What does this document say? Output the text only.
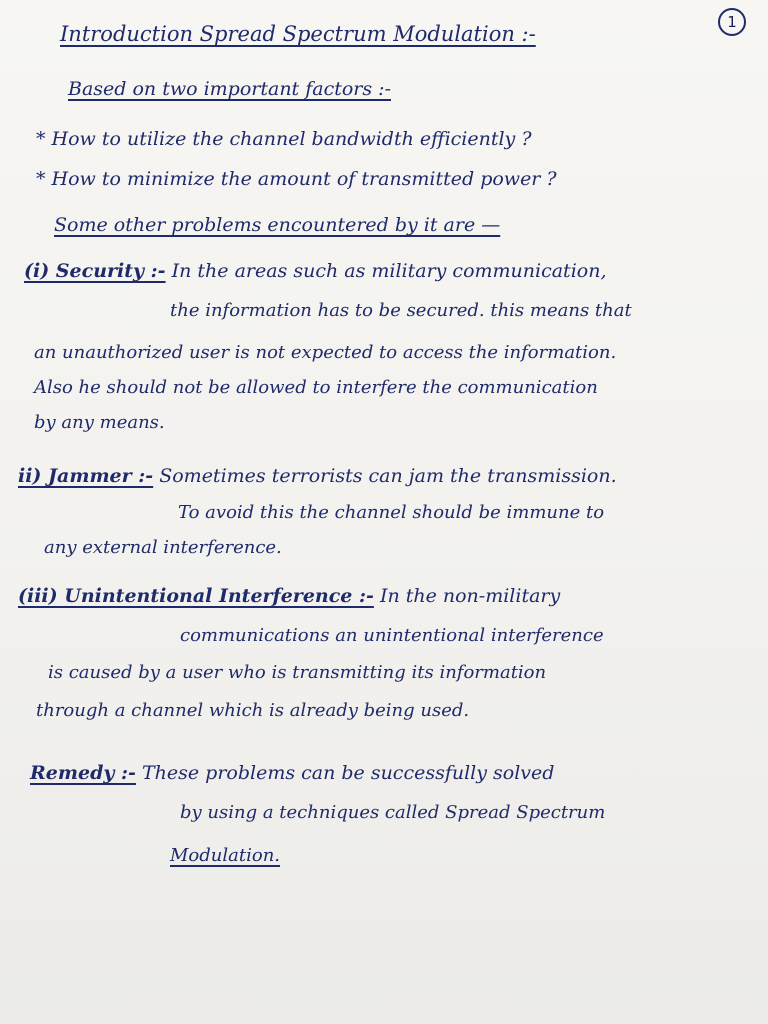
1
Introduction Spread Spectrum Modulation :-
Based on two important factors :-
* How to utilize the channel bandwidth efficiently ?
* How to minimize the amount of transmitted power ?
Some other problems encountered by it are —
(i) Security :- In the areas such as military communication,
the information has to be secured. this means that
an unauthorized user is not expected to access the information.
Also he should not be allowed to interfere the communication
by any means.
ii) Jammer :- Sometimes terrorists can jam the transmission.
To avoid this the channel should be immune to
any external interference.
(iii) Unintentional Interference :- In the non-military
communications an unintentional interference
is caused by a user who is transmitting its information
through a channel which is already being used.
Remedy :- These problems can be successfully solved
by using a techniques called Spread Spectrum
Modulation.
